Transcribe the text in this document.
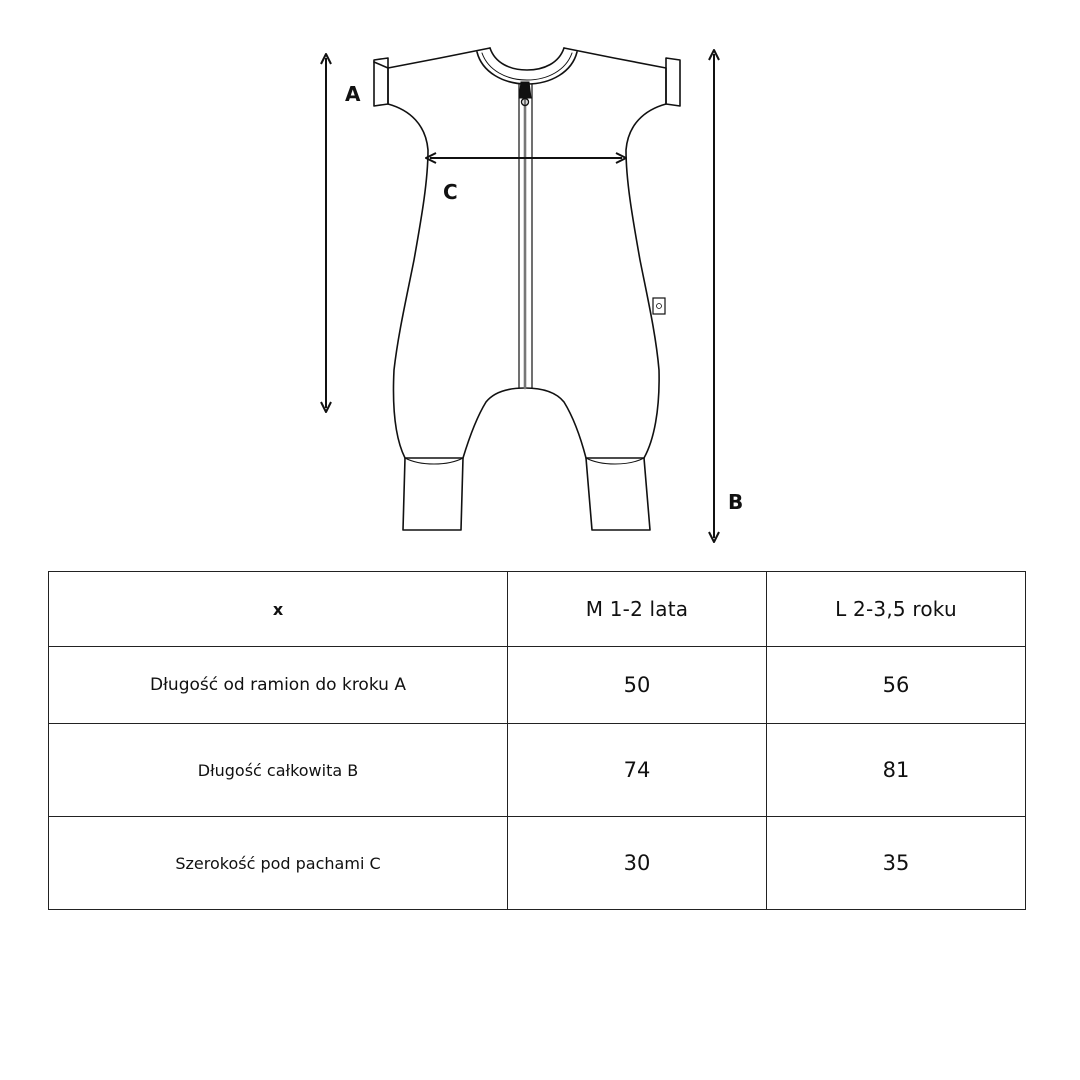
A
B
C
x	M 1-2 lata	L 2-3,5 roku
Długość od ramion do kroku A	50	56
Długość całkowita B	74	81
Szerokość pod pachami C	30	35
